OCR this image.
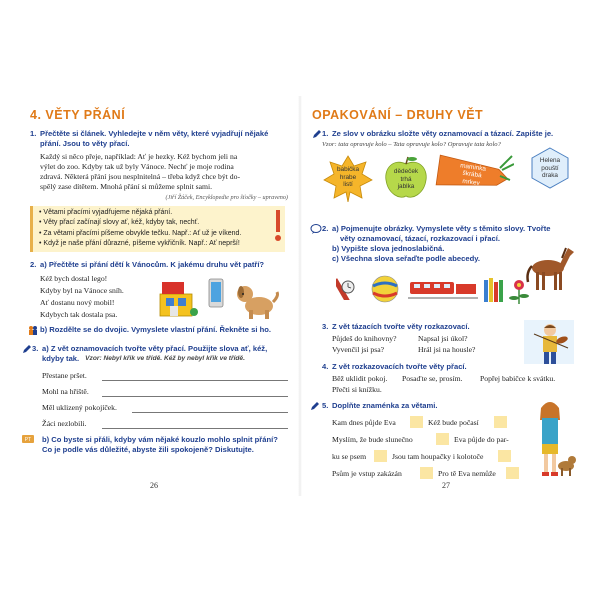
4. VĚTY PŘÁNÍ
1. Přečtěte si článek. Vyhledejte v něm věty, které vyjadřují nějaké
přání. Jsou to věty přací.
Každý si něco přeje, například: Ať je hezky. Kéž bychom jeli na
výlet do zoo. Kdyby tak už byly Vánoce. Nechť je moje rodina
zdravá. Některá přání jsou nesplnitelná – třeba když chce být do-
spělý zase dítětem. Mnohá přání si můžeme splnit sami.
(Jiří Žáček, Encyklopedie pro šťočky – upraveno)
• Větami přacími vyjadřujeme nějaká přání.
• Věty přací začínají slovy ať, kéž, kdyby tak, nechť.
• Za větami přacími píšeme obvykle tečku. Např.: Ať už je víkend.
• Když je naše přání důrazné, píšeme vykřičník. Např.: Ať neprší!
2. a) Přečtěte si přání dětí k Vánocům. K jakému druhu vět patří?
Kéž bych dostal lego!
Kdyby byl na Vánoce sníh.
Ať dostanu nový mobil!
Kdybych tak dostala psa.
b) Rozdělte se do dvojic. Vymyslete vlastní přání. Řekněte si ho.
3. a) Z vět oznamovacích tvořte věty přací. Použijte slova ať, kéž,
kdyby tak. Vzor: Nebyl křik ve třídě. Kéž by nebyl křik ve třídě.
Přestane pršet.
Mohl na hřiště.
Měl uklizený pokojíček.
Žáci nezlobili.
PT b) Co byste si přáli, kdyby vám nějaké kouzlo mohlo splnit přání?
Co je podle vás důležité, abyste žili spokojeně? Diskutujte.
26
OPAKOVÁNÍ – DRUHY VĚT
1. Ze slov v obrázku složte věty oznamovací a tázací. Zapište je.
Vzor: tata opravuje kolo – Tata opravuje kolo? Opravuje tata kolo?
babička
hrabe
listí
dědeček
trhá
jablka
maminka
škrábá
mrkev
Helena
pouští
draka
2. a) Pojmenujte obrázky. Vymyslete věty s těmito slovy. Tvořte
věty oznamovací, tázací, rozkazovací i přací.
b) Vypište slova jednoslabičná.
c) Všechna slova seřaďte podle abecedy.
3. Z vět tázacích tvořte věty rozkazovací.
Půjdeš do knihovny?	Napsal jsi úkol?
Vyvenčil jsi psa?	Hrál jsi na housle?
4. Z vět rozkazovacích tvořte věty přací.
Běž uklidit pokoj. Posaďte se, prosím. Popřej babičce k svátku.
Přečti si knížku.
5. Doplňte znaménka za větami.
Kam dnes půjde Eva	Kéž bude počasí
Myslím, že bude slunečno	Eva půjde do par-
ku se psem	Jsou tam houpačky i kolotoče
Psům je vstup zakázán	Pro tě Eva nemůže
27
